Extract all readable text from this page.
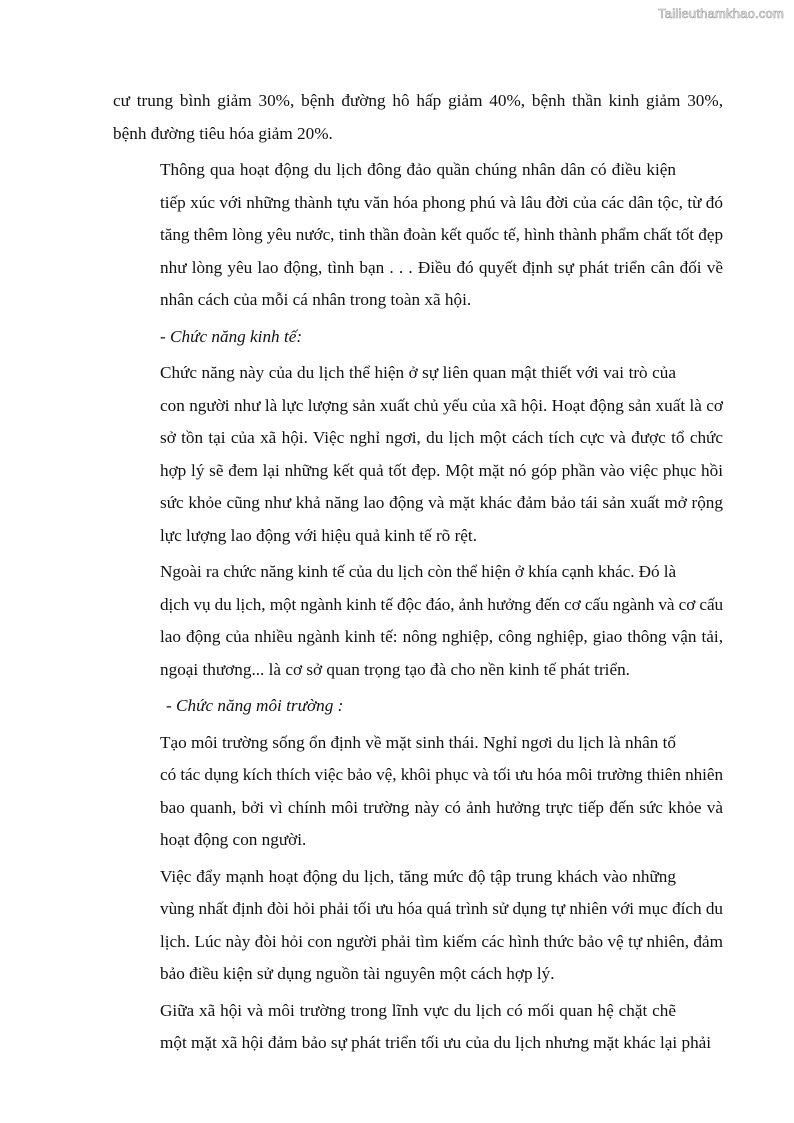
Tailieuthamkhao.com
cư trung bình giảm 30%, bệnh đường hô hấp giảm 40%, bệnh thần kinh giảm 30%,
bệnh đường tiêu hóa giảm 20%.
Thông qua hoạt động du lịch đông đảo quần chúng nhân dân có điều kiện
tiếp xúc với những thành tựu văn hóa phong phú và lâu đời của các dân tộc, từ đó
tăng thêm lòng yêu nước, tinh thần đoàn kết quốc tế, hình thành phẩm chất tốt đẹp
như lòng yêu lao động, tình bạn . . . Điều đó quyết định sự phát triển cân đối về
nhân cách của mỗi cá nhân trong toàn xã hội.
- Chức năng kinh tế:
Chức năng này của du lịch thể hiện ở sự liên quan mật thiết với vai trò của
con người như là lực lượng sản xuất chủ yếu của xã hội. Hoạt động sản xuất là cơ
sở tồn tại của xã hội. Việc nghỉ ngơi, du lịch một cách tích cực và được tổ chức
hợp lý sẽ đem lại những kết quả tốt đẹp. Một mặt nó góp phần vào việc phục hồi
sức khỏe cũng như khả năng lao động và mặt khác đảm bảo tái sản xuất mở rộng
lực lượng lao động với hiệu quả kinh tế rõ rệt.
Ngoài ra chức năng kinh tế của du lịch còn thể hiện ở khía cạnh khác. Đó là
dịch vụ du lịch, một ngành kinh tế độc đáo, ảnh hưởng đến cơ cấu ngành và cơ cấu
lao động của nhiều ngành kinh tế: nông nghiệp, công nghiệp, giao thông vận tải,
ngoại thương... là cơ sở quan trọng tạo đà cho nền kinh tế phát triển.
- Chức năng môi trường :
Tạo môi trường sống ổn định về mặt sinh thái. Nghỉ ngơi du lịch là nhân tố
có tác dụng kích thích việc bảo vệ, khôi phục và tối ưu hóa môi trường thiên nhiên
bao quanh, bởi vì chính môi trường này có ảnh hưởng trực tiếp đến sức khỏe và
hoạt động con người.
Việc đẩy mạnh hoạt động du lịch, tăng mức độ tập trung khách vào những
vùng nhất định đòi hỏi phải tối ưu hóa quá trình sử dụng tự nhiên với mục đích du
lịch. Lúc này đòi hỏi con người phải tìm kiếm các hình thức bảo vệ tự nhiên, đảm
bảo điều kiện sử dụng nguồn tài nguyên một cách hợp lý.
Giữa xã hội và môi trường trong lĩnh vực du lịch có mối quan hệ chặt chẽ
một mặt xã hội đảm bảo sự phát triển tối ưu của du lịch nhưng mặt khác lại phải
